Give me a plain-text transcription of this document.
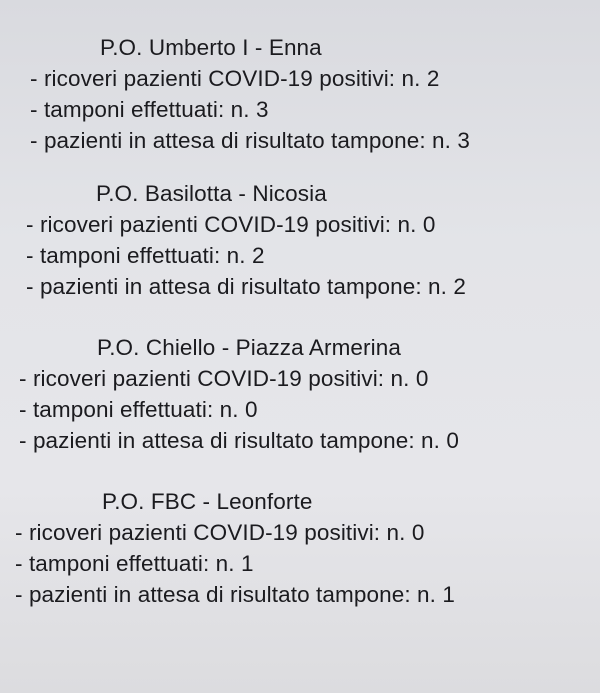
P.O. Umberto I - Enna
- ricoveri pazienti COVID-19 positivi: n. 2
- tamponi effettuati: n. 3
- pazienti in attesa di risultato tampone: n. 3
P.O. Basilotta - Nicosia
- ricoveri pazienti COVID-19 positivi: n. 0
- tamponi effettuati: n. 2
- pazienti in attesa di risultato tampone: n. 2
P.O. Chiello - Piazza Armerina
- ricoveri pazienti COVID-19 positivi: n. 0
- tamponi effettuati: n. 0
- pazienti in attesa di risultato tampone: n. 0
P.O. FBC - Leonforte
- ricoveri pazienti COVID-19 positivi: n. 0
- tamponi effettuati: n. 1
- pazienti in attesa di risultato tampone: n. 1
